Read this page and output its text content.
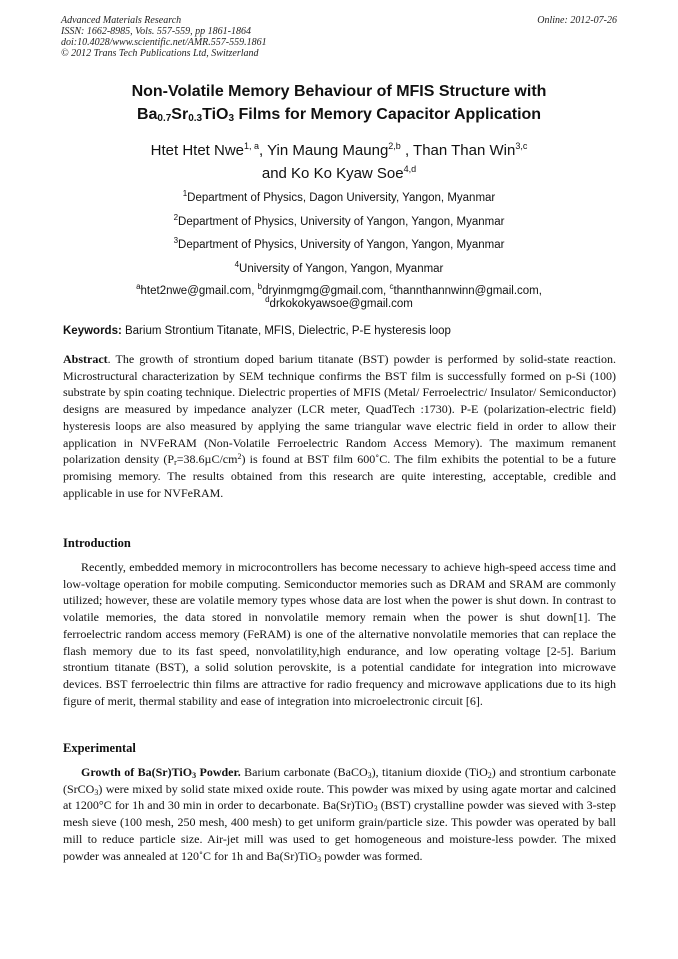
Advanced Materials Research
ISSN: 1662-8985, Vols. 557-559, pp 1861-1864
doi:10.4028/www.scientific.net/AMR.557-559.1861
© 2012 Trans Tech Publications Ltd, Switzerland
Online: 2012-07-26
Non-Volatile Memory Behaviour of MFIS Structure with
$Ba_{0.7}Sr_{0.3}TiO_3$ Films for Memory Capacitor Application
Htet Htet Nwe$^{1, a}$, Yin Maung Maung$^{2,b}$ , Than Than Win$^{3,c}$
and Ko Ko Kyaw Soe$^{4,d}$
$^1$Department of Physics, Dagon University, Yangon, Myanmar
$^2$Department of Physics, University of Yangon, Yangon, Myanmar
$^3$Department of Physics, University of Yangon, Yangon, Myanmar
$^4$University of Yangon, Yangon, Myanmar
$^a$htet2nwe@gmail.com, $^b$dryinmgmg@gmail.com, $^c$thannthannwinn@gmail.com,
$^d$drkokokyawsoe@gmail.com
Keywords: Barium Strontium Titanate, MFIS, Dielectric, P-E hysteresis loop

Abstract. The growth of strontium doped barium titanate (BST) powder is performed by solid-state reaction. Microstructural characterization by SEM technique confirms the BST film is successfully formed on p-Si (100) substrate by spin coating technique. Dielectric properties of MFIS (Metal/ Ferroelectric/ Insulator/ Semiconductor) designs are measured by impedance analyzer (LCR meter, QuadTech :1730). P-E (polarization-electric field) hysteresis loops are also measured by applying the same triangular wave electric field in order to allow their application in NVFeRAM (Non-Volatile Ferroelectric Random Access Memory). The maximum remanent polarization density $(P_r=38.6\mu C/cm^2)$ is found at BST film 600˚C. The film exhibits the potential to be a future promising memory. The results obtained from this research are quite interesting, acceptable, credible and applicable in use for NVFeRAM.

Introduction

Recently, embedded memory in microcontrollers has become necessary to achieve high-speed access time and low-voltage operation for mobile computing. Semiconductor memories such as DRAM and SRAM are commonly utilized; however, these are volatile memory types whose data are lost when the power is shut down. In contrast to volatile memories, the data stored in nonvolatile memory remain when the power is shut down[1]. The ferroelectric random access memory (FeRAM) is one of the alternative nonvolatile memories that can replace the flash memory due to its fast speed, nonvolatility,high endurance, and low operating voltage [2-5]. Barium strontium titanate (BST), a solid solution perovskite, is a potential candidate for integration into microwave devices. BST ferroelectric thin films are attractive for radio frequency and microwave applications due to its high figure of merit, thermal stability and ease of integration into microelectronic circuit [6].

Experimental

Growth of Ba(Sr)TiO$_3$ Powder. Barium carbonate (BaCO$_3$), titanium dioxide (TiO$_2$) and strontium carbonate (SrCO$_3$) were mixed by solid state mixed oxide route. This powder was mixed by using agate mortar and calcined at 1200°C for 1h and 30 min in order to decarbonate. Ba(Sr)TiO$_3$ (BST) crystalline powder was sieved with 3-step mesh sieve (100 mesh, 250 mesh, 400 mesh) to get uniform grain/particle size. This powder was operated by ball mill to reduce particle size. Air-jet mill was used to get homogeneous and moisture-less powder. The mixed powder was annealed at 120˚C for 1h and Ba(Sr)TiO$_3$ powder was formed.
